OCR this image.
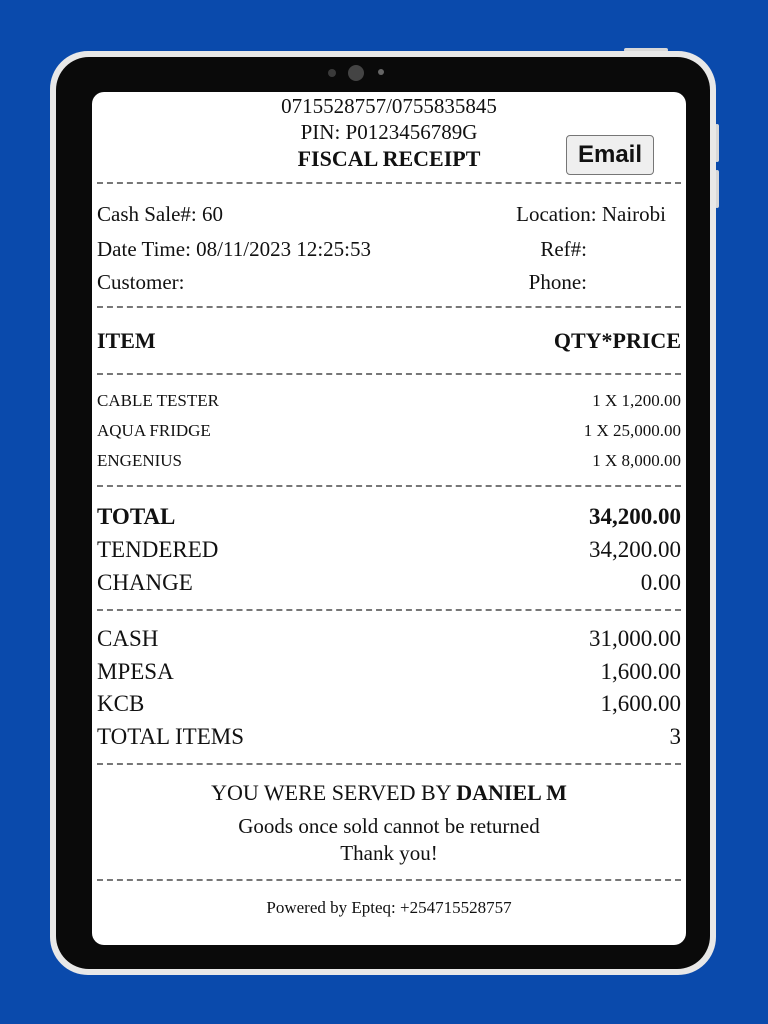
0715528757/0755835845
PIN: P0123456789G
FISCAL RECEIPT	Email
Cash Sale#: 60	Location: Nairobi
Date Time: 08/11/2023 12:25:53	Ref#:
Customer:	Phone:
ITEM	QTY*PRICE
CABLE TESTER	1 X 1,200.00
AQUA FRIDGE	1 X 25,000.00
ENGENIUS	1 X 8,000.00
TOTAL	34,200.00
TENDERED	34,200.00
CHANGE	0.00
CASH	31,000.00
MPESA	1,600.00
KCB	1,600.00
TOTAL ITEMS	3
YOU WERE SERVED BY DANIEL M
Goods once sold cannot be returned
Thank you!
Powered by Epteq: +254715528757
